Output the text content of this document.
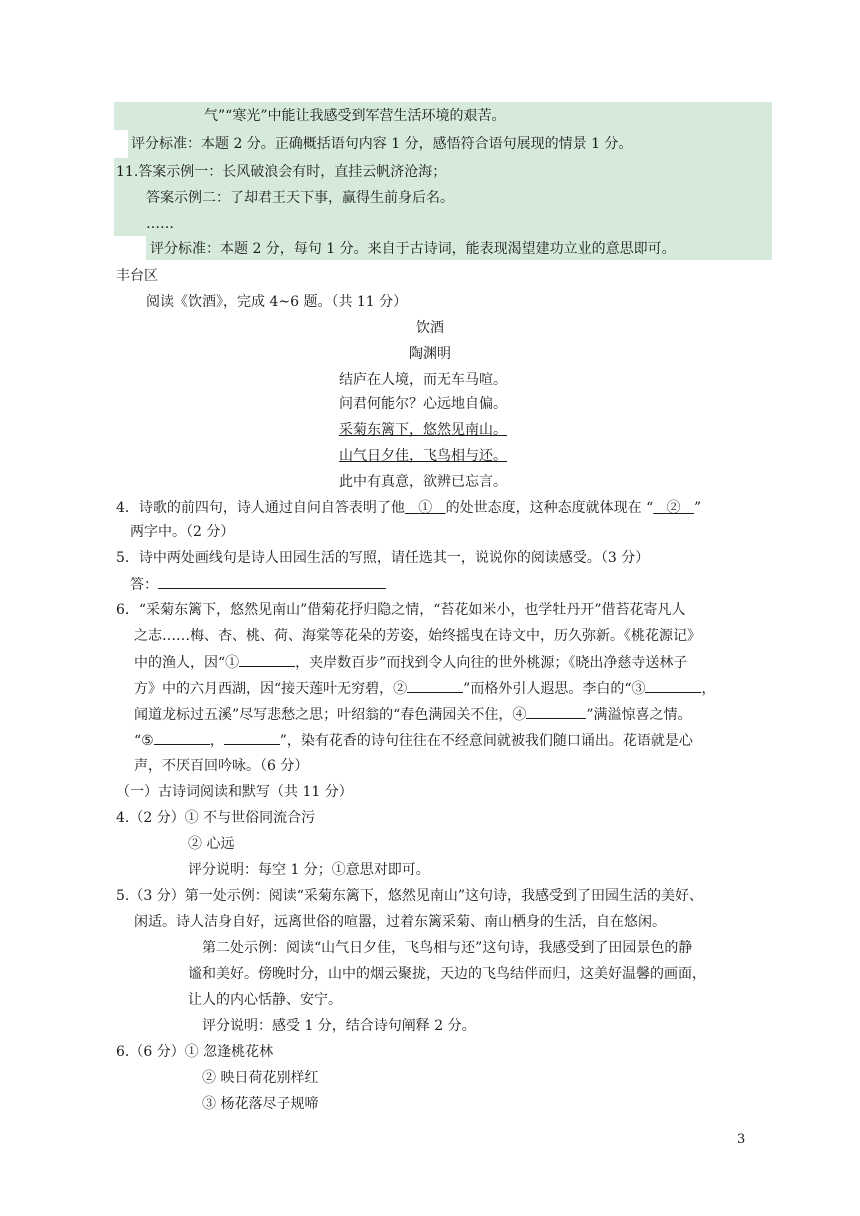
气”“寒光”中能让我感受到军营生活环境的艰苦。
评分标准：本题 2 分。正确概括语句内容 1 分，感悟符合语句展现的情景 1 分。
11.答案示例一：长风破浪会有时，直挂云帆济沧海；
答案示例二：了却君王天下事，赢得生前身后名。
……
评分标准：本题 2 分，每句 1 分。来自于古诗词，能表现渴望建功立业的意思即可。
丰台区
阅读《饮酒》，完成 4~6 题。（共 11 分）
饮酒
陶渊明
结庐在人境，而无车马喧。
问君何能尔？心远地自偏。
采菊东篱下，悠然见南山。
山气日夕佳，飞鸟相与还。
此中有真意，欲辨已忘言。
4．诗歌的前四句，诗人通过自问自答表明了他 ① 的处世态度，这种态度就体现在 “ ② ”
两字中。（2 分）
5．诗中两处画线句是诗人田园生活的写照，请任选其一，说说你的阅读感受。（3 分）
答：
6．“采菊东篱下，悠然见南山”借菊花抒归隐之情，“苔花如米小，也学牡丹开”借苔花寄凡人
之志……梅、杏、桃、荷、海棠等花朵的芳姿，始终摇曳在诗文中，历久弥新。《桃花源记》
中的渔人，因“①	，夹岸数百步”而找到令人向往的世外桃源；《晓出净慈寺送林子
方》中的六月西湖，因“接天莲叶无穷碧，②	”而格外引人遐思。李白的“③	，
闻道龙标过五溪”尽写悲愁之思；叶绍翁的“春色满园关不住，④	”满溢惊喜之情。
“⑤	，	”，染有花香的诗句往往在不经意间就被我们随口诵出。花语就是心
声，不厌百回吟咏。（6 分）
（一）古诗词阅读和默写（共 11 分）
4.（2 分）① 不与世俗同流合污
② 心远
评分说明：每空 1 分；①意思对即可。
5.（3 分）第一处示例：阅读“采菊东篱下，悠然见南山”这句诗，我感受到了田园生活的美好、
闲适。诗人洁身自好，远离世俗的喧嚣，过着东篱采菊、南山栖身的生活，自在悠闲。
第二处示例：阅读“山气日夕佳，飞鸟相与还”这句诗，我感受到了田园景色的静
谧和美好。傍晚时分，山中的烟云聚拢，天边的飞鸟结伴而归，这美好温馨的画面，
让人的内心恬静、安宁。
评分说明：感受 1 分，结合诗句阐释 2 分。
6.（6 分）① 忽逢桃花林
② 映日荷花别样红
③ 杨花落尽子规啼
3
